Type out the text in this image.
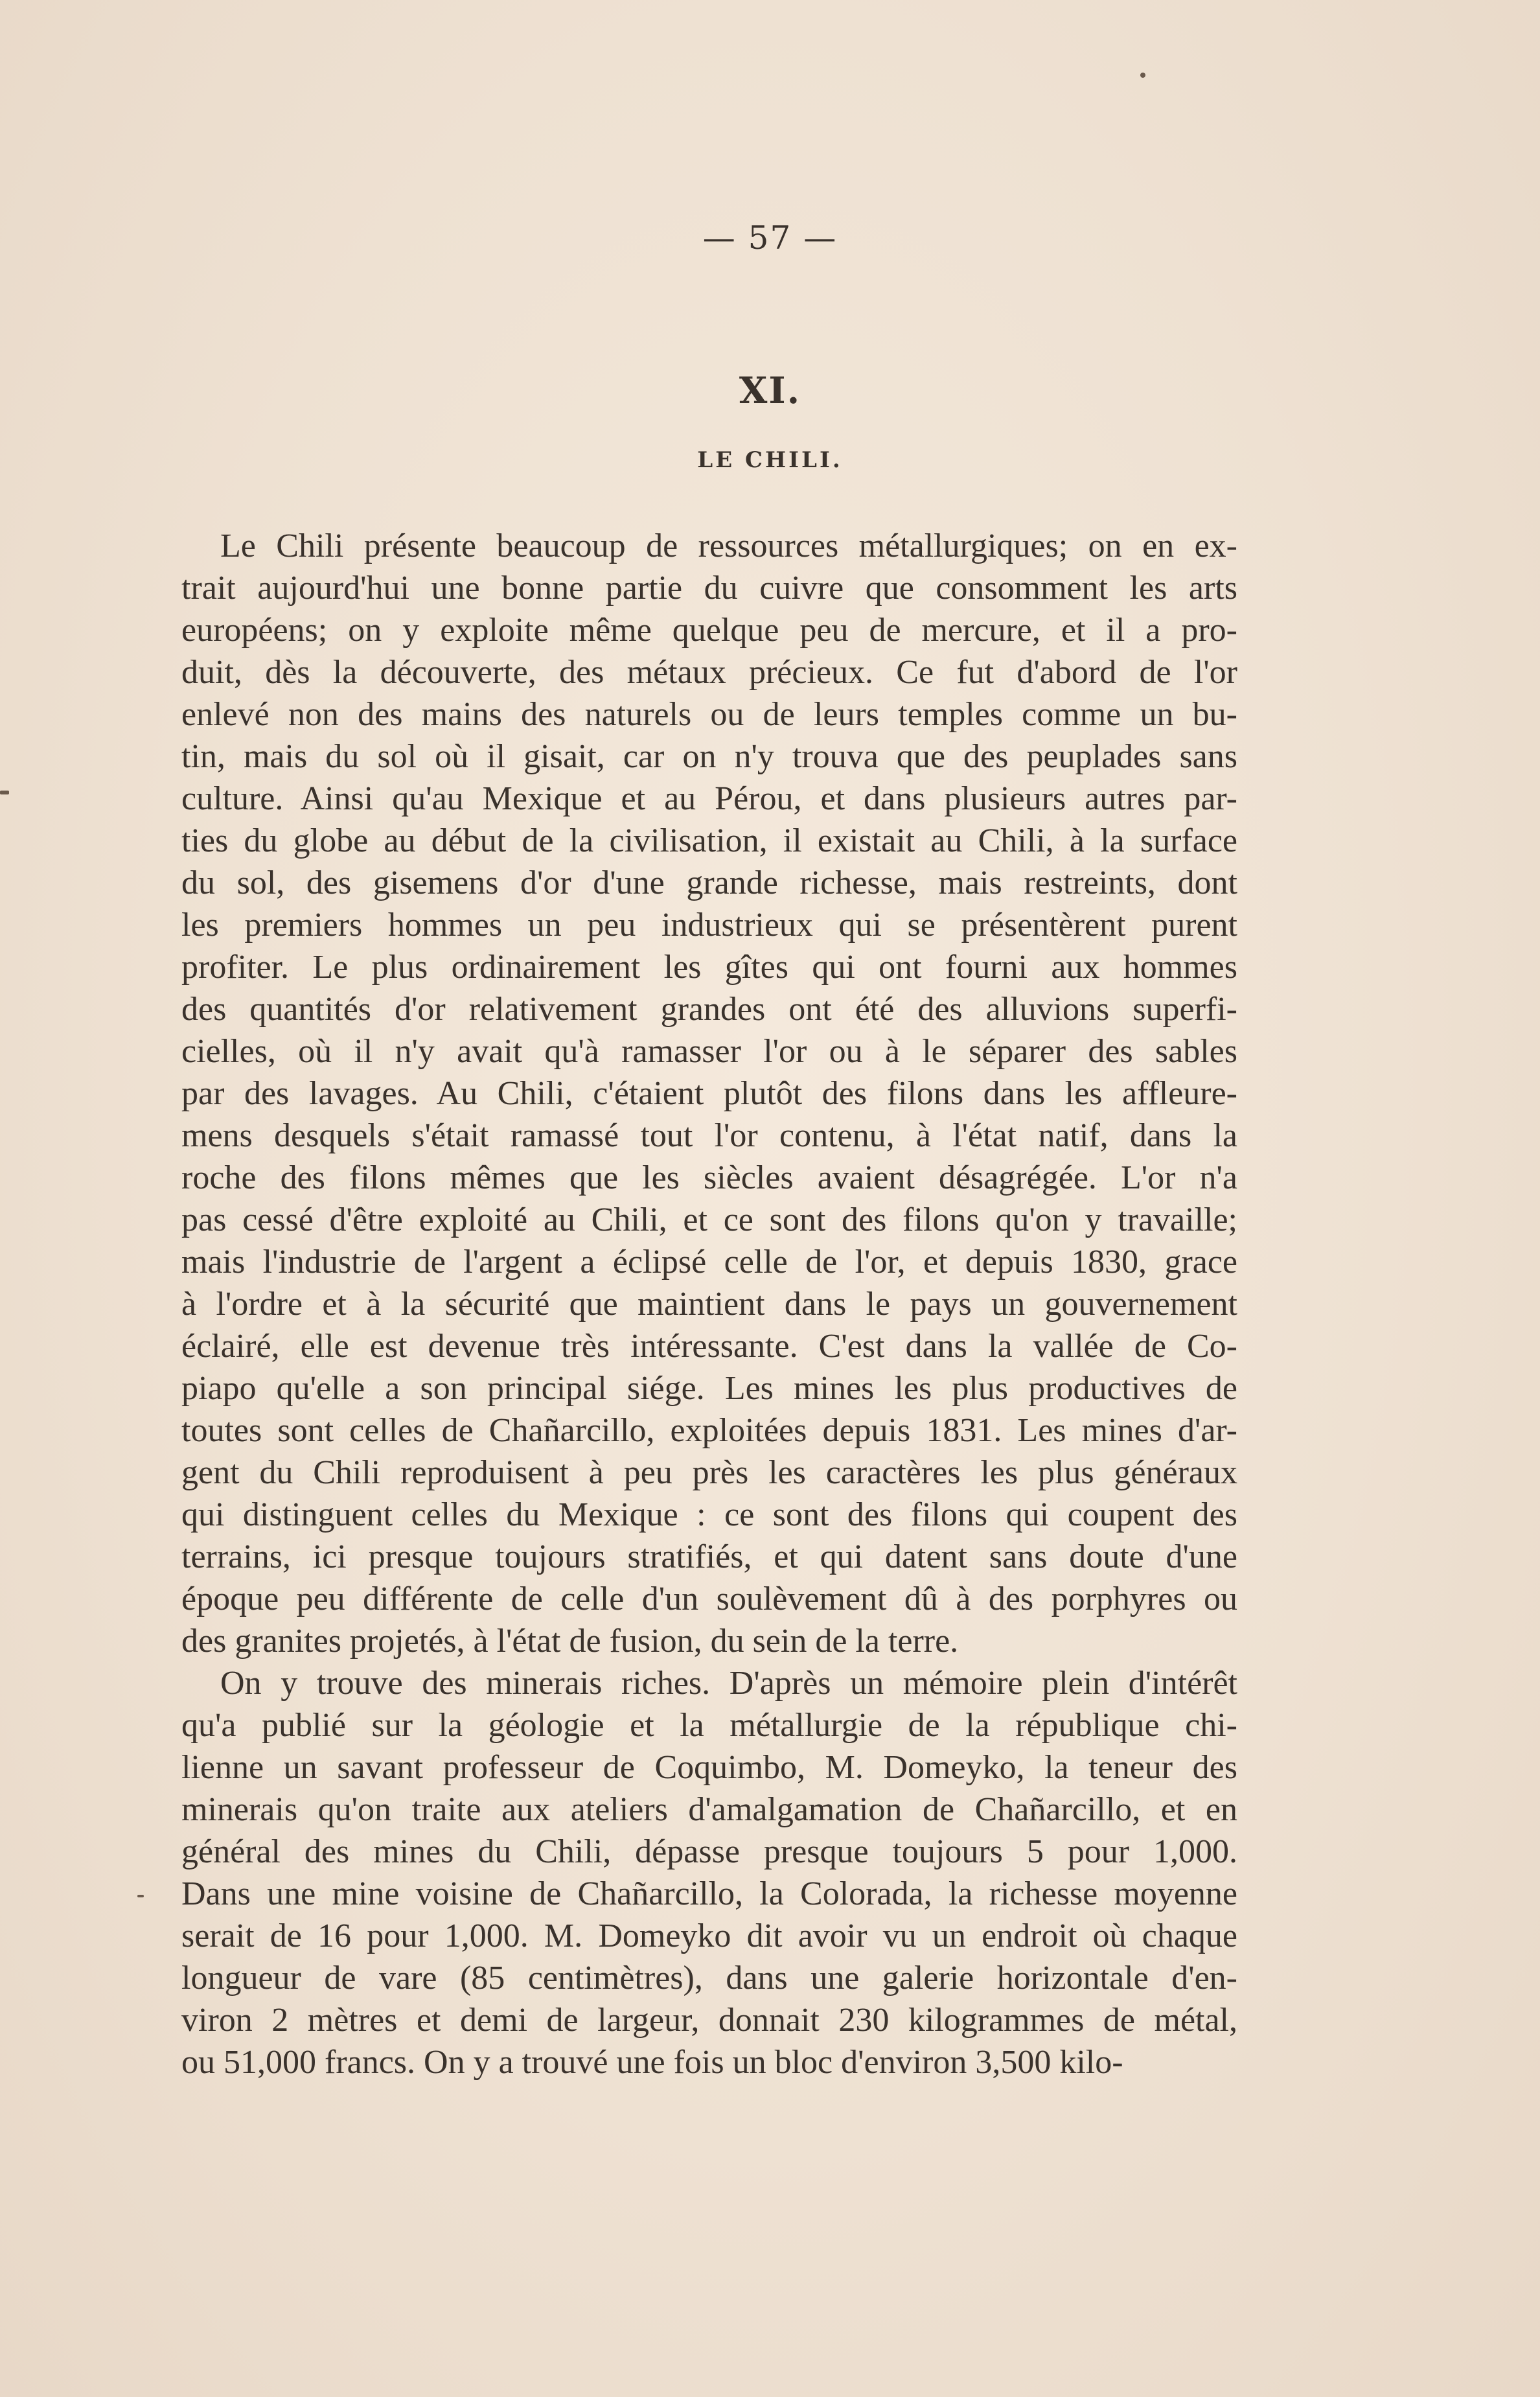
— 57 —
XI.
LE CHILI.
Le Chili présente beaucoup de ressources métallurgiques; on en ex-
trait aujourd'hui une bonne partie du cuivre que consomment les arts
européens; on y exploite même quelque peu de mercure, et il a pro-
duit, dès la découverte, des métaux précieux. Ce fut d'abord de l'or
enlevé non des mains des naturels ou de leurs temples comme un bu-
tin, mais du sol où il gisait, car on n'y trouva que des peuplades sans
culture. Ainsi qu'au Mexique et au Pérou, et dans plusieurs autres par-
ties du globe au début de la civilisation, il existait au Chili, à la surface
du sol, des gisemens d'or d'une grande richesse, mais restreints, dont
les premiers hommes un peu industrieux qui se présentèrent purent
profiter. Le plus ordinairement les gîtes qui ont fourni aux hommes
des quantités d'or relativement grandes ont été des alluvions superfi-
cielles, où il n'y avait qu'à ramasser l'or ou à le séparer des sables
par des lavages. Au Chili, c'étaient plutôt des filons dans les affleure-
mens desquels s'était ramassé tout l'or contenu, à l'état natif, dans la
roche des filons mêmes que les siècles avaient désagrégée. L'or n'a
pas cessé d'être exploité au Chili, et ce sont des filons qu'on y travaille;
mais l'industrie de l'argent a éclipsé celle de l'or, et depuis 1830, grace
à l'ordre et à la sécurité que maintient dans le pays un gouvernement
éclairé, elle est devenue très intéressante. C'est dans la vallée de Co-
piapo qu'elle a son principal siége. Les mines les plus productives de
toutes sont celles de Chañarcillo, exploitées depuis 1831. Les mines d'ar-
gent du Chili reproduisent à peu près les caractères les plus généraux
qui distinguent celles du Mexique : ce sont des filons qui coupent des
terrains, ici presque toujours stratifiés, et qui datent sans doute d'une
époque peu différente de celle d'un soulèvement dû à des porphyres ou
des granites projetés, à l'état de fusion, du sein de la terre.
On y trouve des minerais riches. D'après un mémoire plein d'intérêt
qu'a publié sur la géologie et la métallurgie de la république chi-
lienne un savant professeur de Coquimbo, M. Domeyko, la teneur des
minerais qu'on traite aux ateliers d'amalgamation de Chañarcillo, et en
général des mines du Chili, dépasse presque toujours 5 pour 1,000.
Dans une mine voisine de Chañarcillo, la Colorada, la richesse moyenne
serait de 16 pour 1,000. M. Domeyko dit avoir vu un endroit où chaque
longueur de vare (85 centimètres), dans une galerie horizontale d'en-
viron 2 mètres et demi de largeur, donnait 230 kilogrammes de métal,
ou 51,000 francs. On y a trouvé une fois un bloc d'environ 3,500 kilo-
